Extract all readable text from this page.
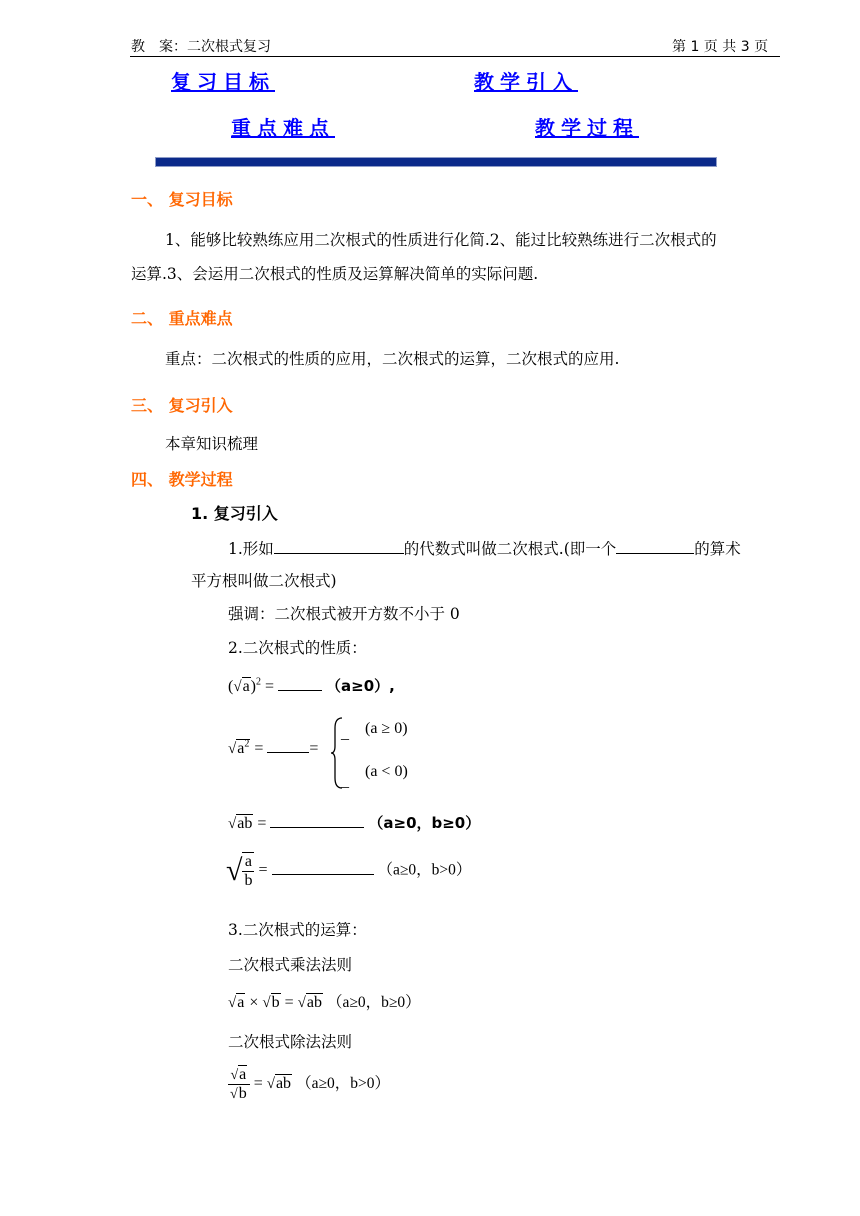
教　案：二次根式复习	第 1 页 共 3 页
复习目标	教学引入
重点难点	教学过程
一、 复习目标
1、能够比较熟练应用二次根式的性质进行化简.2、能过比较熟练进行二次根式的
运算.3、会运用二次根式的性质及运算解决简单的实际问题.
二、 重点难点
重点：二次根式的性质的应用，二次根式的运算，二次根式的应用.
三、 复习引入
本章知识梳理
四、 教学过程
1. 复习引入
1.形如	的代数式叫做二次根式.(即一个	的算术
平方根叫做二次根式)
强调：二次根式被开方数不小于 0
2.二次根式的性质：
$(√a)^2$ =	（a≥0）,
$√a^2$ =	=
_
_
(a ≥ 0)
(a < 0)
√ab =	（a≥0，b≥0）
√ $\frac{a}{b}$ =	（a≥0，b>0）
3.二次根式的运算：
二次根式乘法法则
√a × √b = √ab （a≥0，b≥0）
二次根式除法法则
$\frac{√a}{√b} = √ab$ （a≥0，b>0）
